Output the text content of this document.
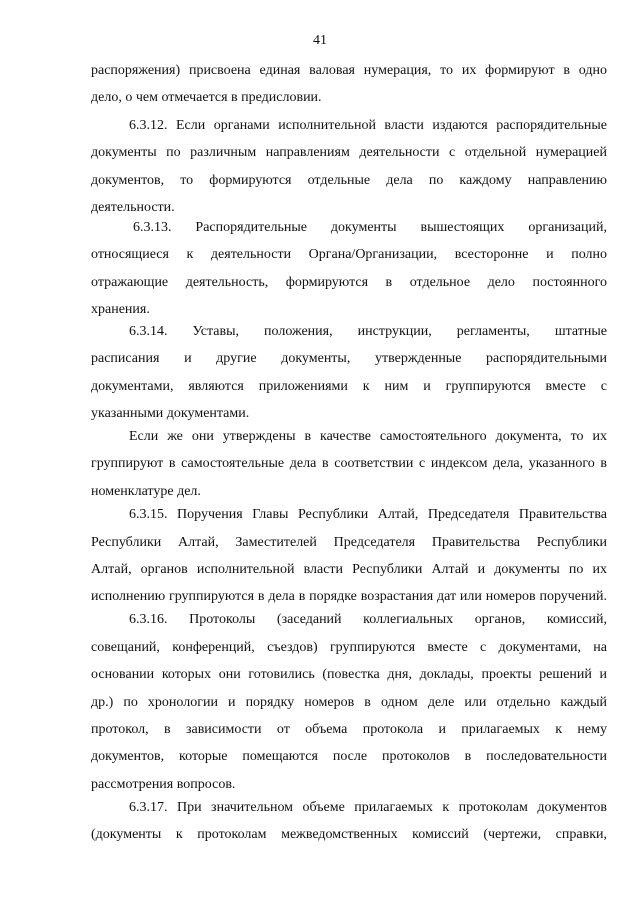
41
распоряжения) присвоена единая валовая нумерация, то их формируют в одно
дело, о чем отмечается в предисловии.
6.3.12. Если органами исполнительной власти издаются распорядительные
документы по различным направлениям деятельности с отдельной нумерацией
документов, то формируются отдельные дела по каждому направлению
деятельности.
6.3.13. Распорядительные документы вышестоящих организаций,
относящиеся к деятельности Органа/Организации, всесторонне и полно
отражающие деятельность, формируются в отдельное дело постоянного
хранения.
6.3.14. Уставы, положения, инструкции, регламенты, штатные
расписания и другие документы, утвержденные распорядительными
документами, являются приложениями к ним и группируются вместе с
указанными документами.
Если же они утверждены в качестве самостоятельного документа, то их
группируют в самостоятельные дела в соответствии с индексом дела, указанного в
номенклатуре дел.
6.3.15. Поручения Главы Республики Алтай, Председателя Правительства
Республики Алтай, Заместителей Председателя Правительства Республики
Алтай, органов исполнительной власти Республики Алтай и документы по их
исполнению группируются в дела в порядке возрастания дат или номеров поручений.
6.3.16. Протоколы (заседаний коллегиальных органов, комиссий,
совещаний, конференций, съездов) группируются вместе с документами, на
основании которых они готовились (повестка дня, доклады, проекты решений и
др.) по хронологии и порядку номеров в одном деле или отдельно каждый
протокол, в зависимости от объема протокола и прилагаемых к нему
документов, которые помещаются после протоколов в последовательности
рассмотрения вопросов.
6.3.17. При значительном объеме прилагаемых к протоколам документов
(документы к протоколам межведомственных комиссий (чертежи, справки,
